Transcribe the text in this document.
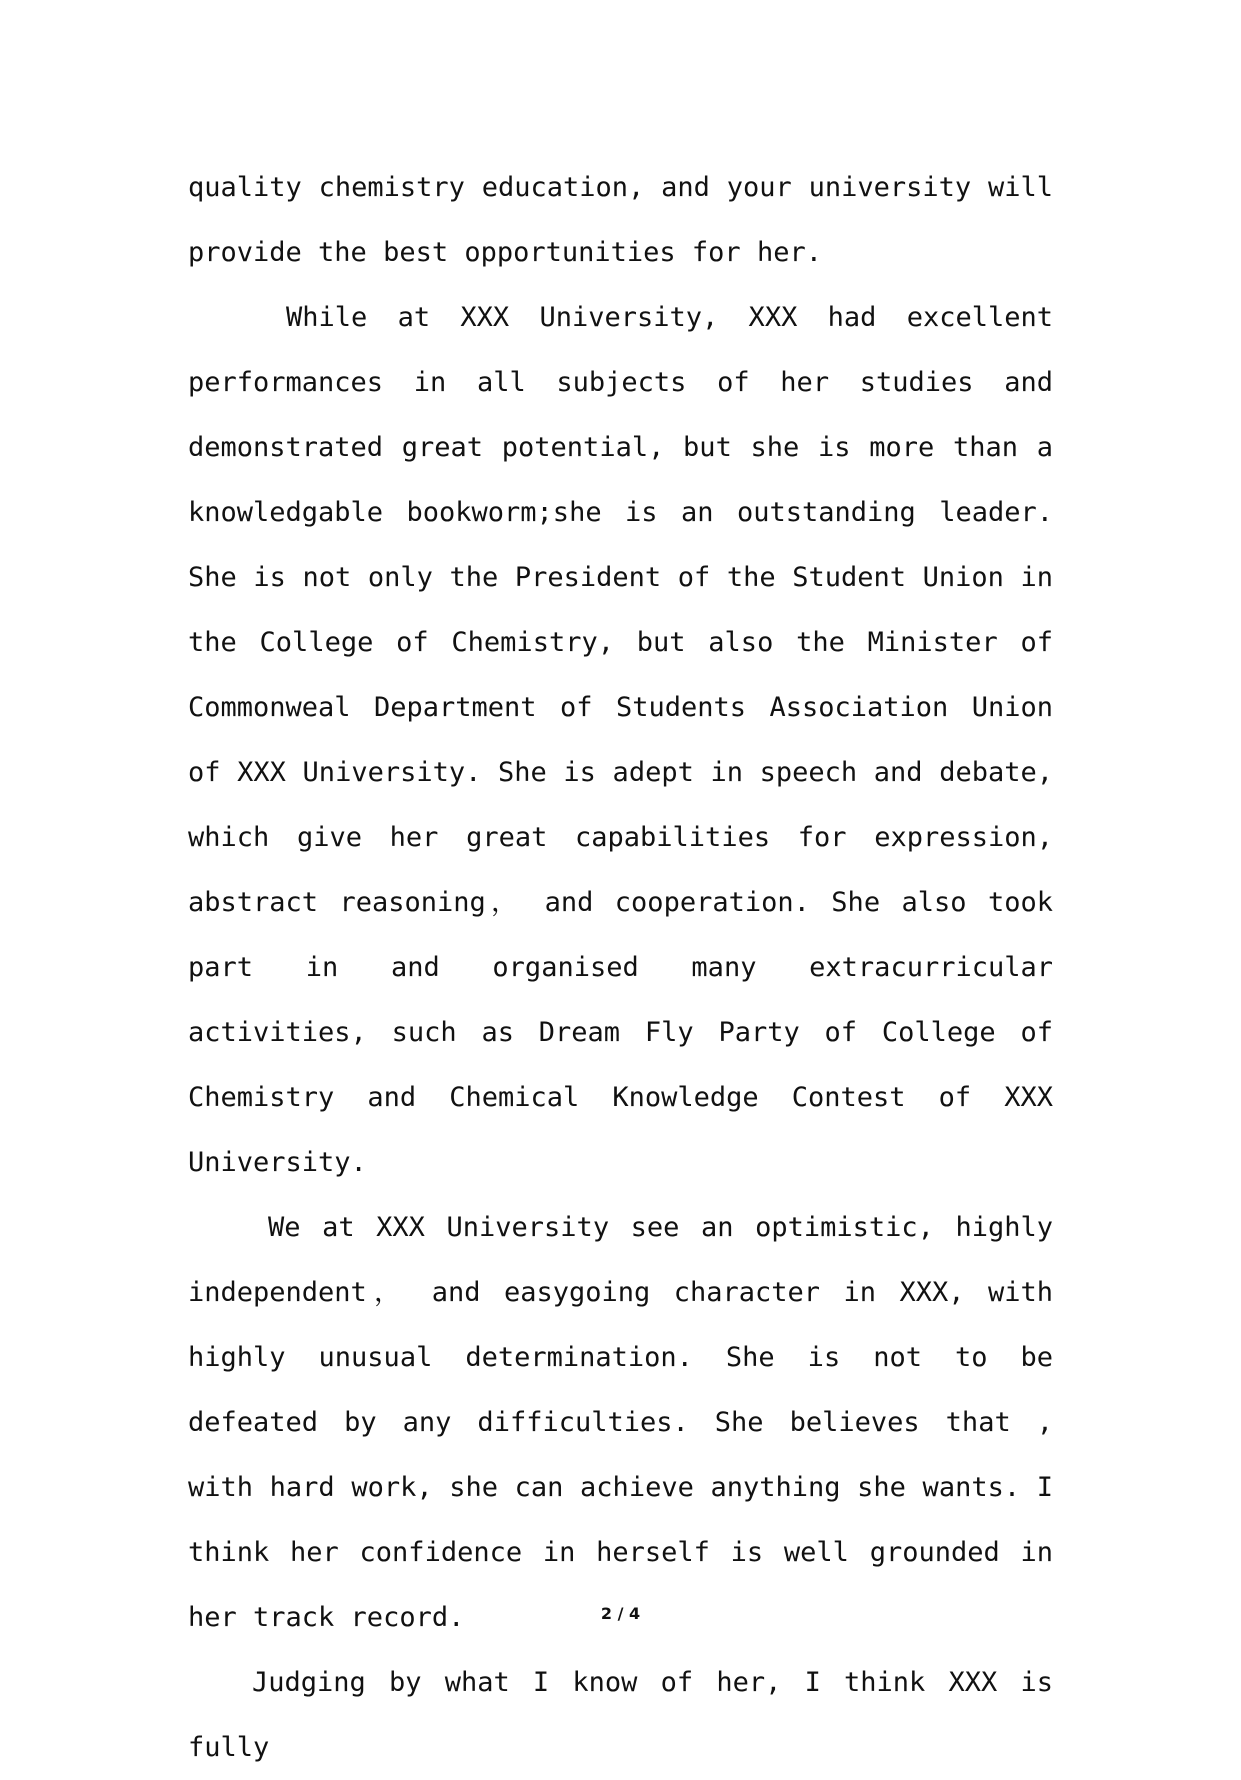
quality chemistry education, and your university will provide the best opportunities for her.

While at XXX University, XXX had excellent performances in all subjects of her studies and demonstrated great potential, but she is more than a knowledgable bookworm;she is an outstanding leader. She is not only the President of the Student Union in the College of Chemistry, but also the Minister of Commonweal Department of Students Association Union of XXX University. She is adept in speech and debate, which give her great capabilities for expression, abstract reasoning， and cooperation. She also took part in and organised many extracurricular activities, such as Dream Fly Party of College of Chemistry and Chemical Knowledge Contest of XXX University.

We at XXX University see an optimistic, highly independent， and easygoing character in XXX, with highly unusual determination. She is not to be defeated by any difficulties. She believes that , with hard work, she can achieve anything she wants. I think her confidence in herself is well grounded in her track record.

Judging by what I know of her, I think XXX is fully

2 / 4
